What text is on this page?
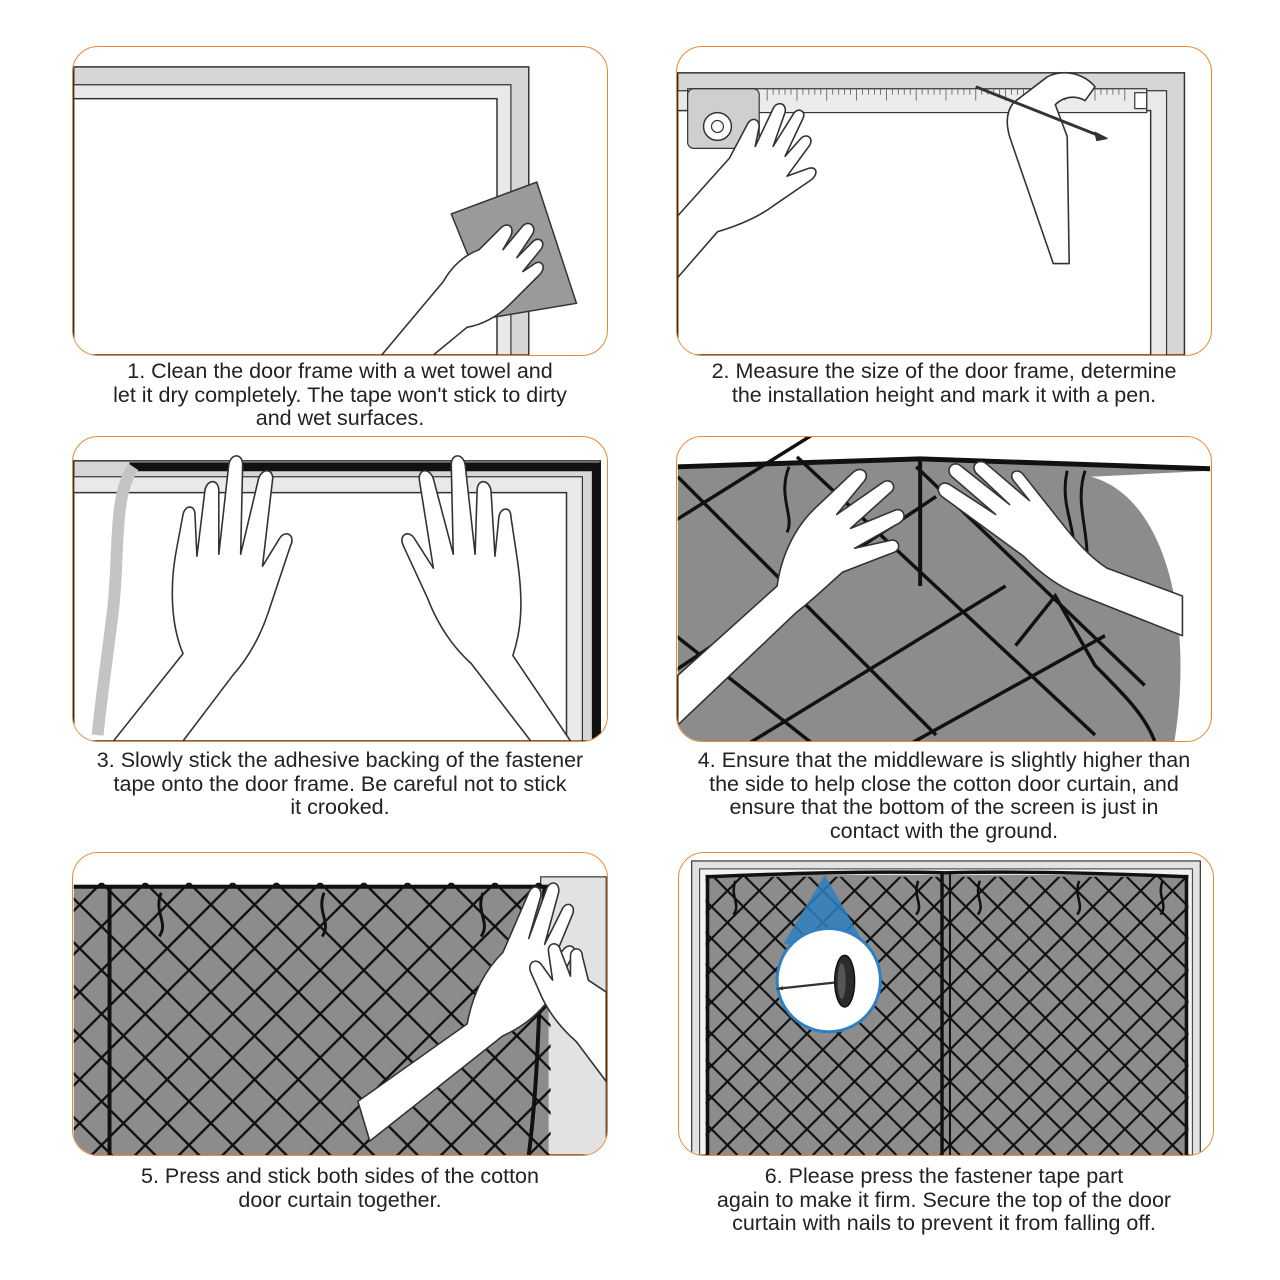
1. Clean the door frame with a wet towel and
let it dry completely. The tape won't stick to dirty
and wet surfaces.
2. Measure the size of the door frame, determine
the installation height and mark it with a pen.
3. Slowly stick the adhesive backing of the fastener
tape onto the door frame. Be careful not to stick
it crooked.
4. Ensure that the middleware is slightly higher than
the side to help close the cotton door curtain, and
ensure that the bottom of the screen is just in
contact with the ground.
5. Press and stick both sides of the cotton
door curtain together.
6. Please press the fastener tape part
again to make it firm. Secure the top of the door
curtain with nails to prevent it from falling off.
